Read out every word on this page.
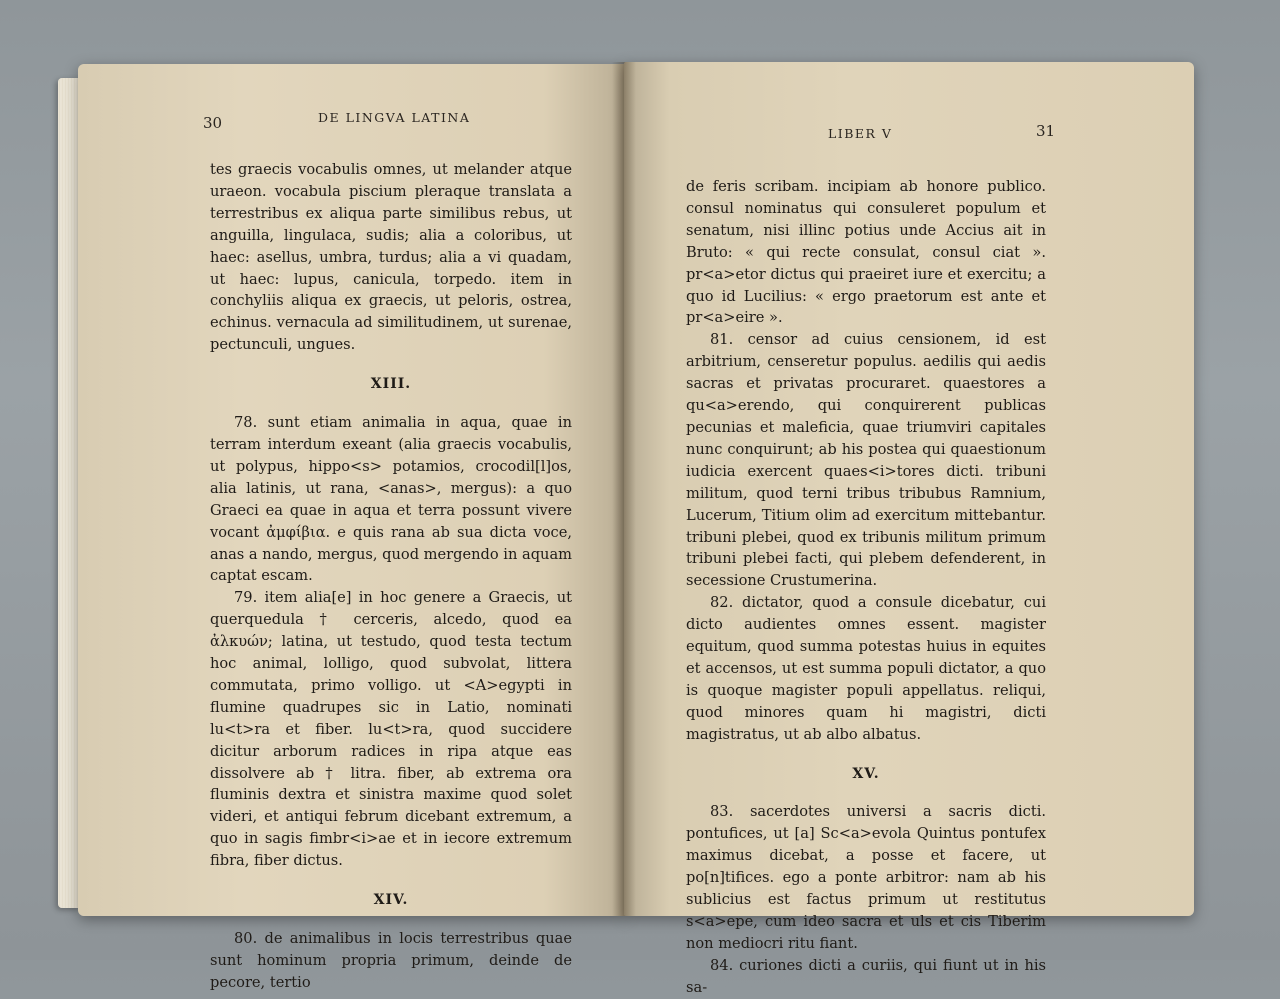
30	DE LINGVA LATINA

tes graecis vocabulis omnes, ut melander atque uraeon. vocabula piscium pleraque translata a terrestribus ex aliqua parte similibus rebus, ut anguilla, lingulaca, sudis; alia a coloribus, ut haec: asellus, umbra, turdus; alia a vi quadam, ut haec: lupus, canicula, torpedo. item in conchyliis aliqua ex graecis, ut peloris, ostrea, echinus. vernacula ad similitudinem, ut surenae, pectunculi, ungues.

XIII.

78. sunt etiam animalia in aqua, quae in terram interdum exeant (alia graecis vocabulis, ut polypus, hippo<s> potamios, crocodil[l]os, alia latinis, ut rana, <anas>, mergus): a quo Graeci ea quae in aqua et terra possunt vivere vocant ἀμφίβια. e quis rana ab sua dicta voce, anas a nando, mergus, quod mergendo in aquam captat escam.

79. item alia[e] in hoc genere a Graecis, ut querquedula † cerceris, alcedo, quod ea ἀλκυών; latina, ut testudo, quod testa tectum hoc animal, lolligo, quod subvolat, littera commutata, primo volligo. ut <A>egypti in flumine quadrupes sic in Latio, nominati lu<t>ra et fiber. lu<t>ra, quod succidere dicitur arborum radices in ripa atque eas dissolvere ab † litra. fiber, ab extrema ora fluminis dextra et sinistra maxime quod solet videri, et antiqui februm dicebant extremum, a quo in sagis fimbr<i>ae et in iecore extremum fibra, fiber dictus.

XIV.

80. de animalibus in locis terrestribus quae sunt hominum propria primum, deinde de pecore, tertio

LIBER V	31

de feris scribam. incipiam ab honore publico. consul nominatus qui consuleret populum et senatum, nisi illinc potius unde Accius ait in Bruto: « qui recte consulat, consul ciat ». pr<a>etor dictus qui praeiret iure et exercitu; a quo id Lucilius: « ergo praetorum est ante et pr<a>eire ».

81. censor ad cuius censionem, id est arbitrium, censeretur populus. aedilis qui aedis sacras et privatas procuraret. quaestores a qu<a>erendo, qui conquirerent publicas pecunias et maleficia, quae triumviri capitales nunc conquirunt; ab his postea qui quaestionum iudicia exercent quaes<i>tores dicti. tribuni militum, quod terni tribus tribubus Ramnium, Lucerum, Titium olim ad exercitum mittebantur. tribuni plebei, quod ex tribunis militum primum tribuni plebei facti, qui plebem defenderent, in secessione Crustumerina.

82. dictator, quod a consule dicebatur, cui dicto audientes omnes essent. magister equitum, quod summa potestas huius in equites et accensos, ut est summa populi dictator, a quo is quoque magister populi appellatus. reliqui, quod minores quam hi magistri, dicti magistratus, ut ab albo albatus.

XV.

83. sacerdotes universi a sacris dicti. pontufices, ut [a] Sc<a>evola Quintus pontufex maximus dicebat, a posse et facere, ut po[n]tifices. ego a ponte arbitror: nam ab his sublicius est factus primum ut restitutus s<a>epe, cum ideo sacra et uls et cis Tiberim non mediocri ritu fiant.

84. curiones dicti a curiis, qui fiunt ut in his sa-
